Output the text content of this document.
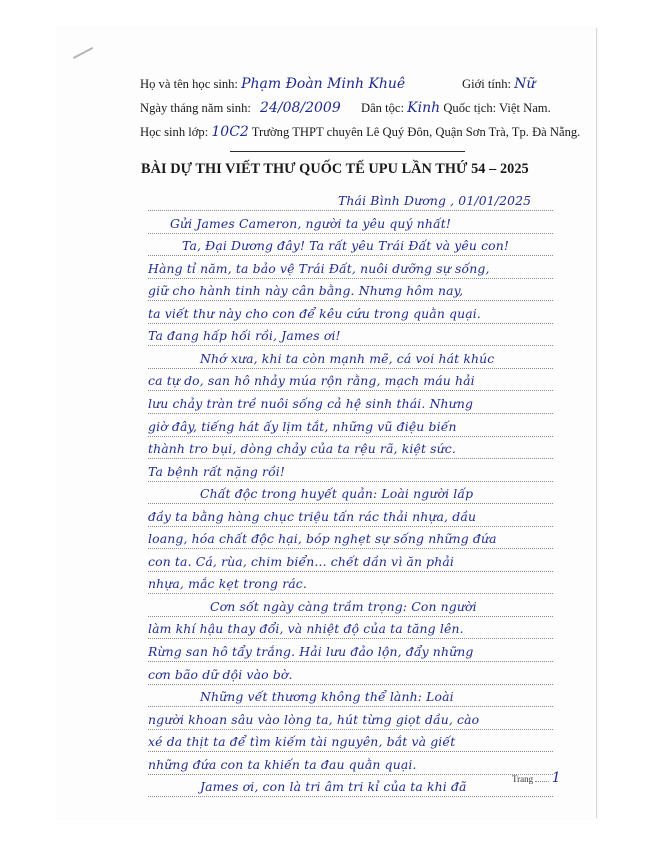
Họ và tên học sinh: Phạm Đoàn Minh Khuê	Giới tính: Nữ
Ngày tháng năm sinh: 24/08/2009 Dân tộc: Kinh Quốc tịch: Việt Nam.
Học sinh lớp: 10C2 Trường THPT chuyên Lê Quý Đôn, Quận Sơn Trà, Tp. Đà Nẵng.
BÀI DỰ THI VIẾT THƯ QUỐC TẾ UPU LẦN THỨ 54 – 2025
Thái Bình Dương , 01/01/2025
Gửi James Cameron, người ta yêu quý nhất!
Ta, Đại Dương đây! Ta rất yêu Trái Đất và yêu con!
Hàng tỉ năm, ta bảo vệ Trái Đất, nuôi dưỡng sự sống,
giữ cho hành tinh này cân bằng. Nhưng hôm nay,
ta viết thư này cho con để kêu cứu trong quằn quại.
Ta đang hấp hối rồi, James ơi!
Nhớ xưa, khi ta còn mạnh mẽ, cá voi hát khúc
ca tự do, san hô nhảy múa rộn rằng, mạch máu hải
lưu chảy tràn trề nuôi sống cả hệ sinh thái. Nhưng
giờ đây, tiếng hát ấy lịm tắt, những vũ điệu biến
thành tro bụi, dòng chảy của ta rệu rã, kiệt sức.
Ta bệnh rất nặng rồi!
Chất độc trong huyết quản: Loài người lấp
đầy ta bằng hàng chục triệu tấn rác thải nhựa, dầu
loang, hóa chất độc hại, bóp nghẹt sự sống những đứa
con ta. Cá, rùa, chim biển... chết dần vì ăn phải
nhựa, mắc kẹt trong rác.
Cơn sốt ngày càng trầm trọng: Con người
làm khí hậu thay đổi, và nhiệt độ của ta tăng lên.
Rừng san hô tẩy trắng. Hải lưu đảo lộn, đẩy những
cơn bão dữ dội vào bờ.
Những vết thương không thể lành: Loài
người khoan sâu vào lòng ta, hút từng giọt dầu, cào
xé da thịt ta để tìm kiếm tài nguyên, bắt và giết
những đứa con ta khiến ta đau quằn quại.
Trang 1
James ơi, con là tri âm tri kỉ của ta khi đã
